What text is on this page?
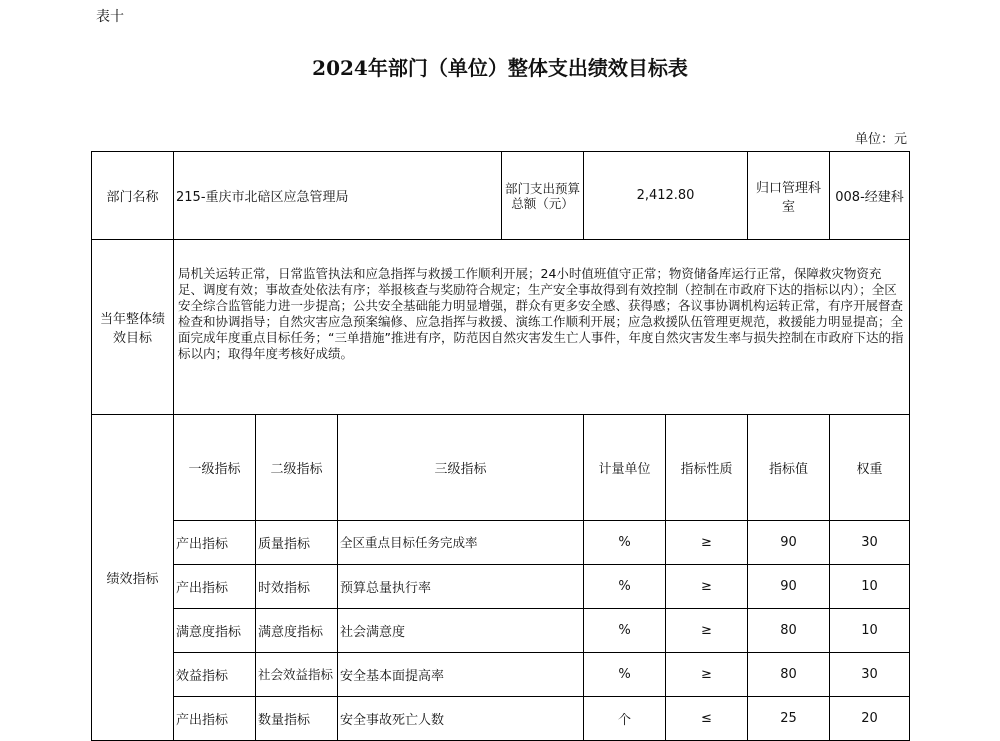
表十
2024年部门（单位）整体支出绩效目标表
单位：元
部门名称	215-重庆市北碚区应急管理局			部门支出预算总额（元）	2,412.80		归口管理科室	008-经建科	
当年整体绩效目标	局机关运转正常，日常监管执法和应急指挥与救援工作顺利开展；24小时值班值守正常；物资储备库运行正常，保障救灾物资充足、调度有效；事故查处依法有序；举报核查与奖励符合规定；生产安全事故得到有效控制（控制在市政府下达的指标以内）；全区安全综合监管能力进一步提高；公共安全基础能力明显增强，群众有更多安全感、获得感；各议事协调机构运转正常，有序开展督查检查和协调指导；自然灾害应急预案编修、应急指挥与救援、演练工作顺利开展；应急救援队伍管理更规范，救援能力明显提高；全面完成年度重点目标任务；“三单措施”推进有序，防范因自然灾害发生亡人事件，年度自然灾害发生率与损失控制在市政府下达的指标以内；取得年度考核好成绩。								

绩效指标	一级指标	二级指标	三级指标		计量单位	指标性质	指标值	权重	
	产出指标	质量指标	全区重点目标任务完成率		%	≥	90	30	
	产出指标	时效指标	预算总量执行率		%	≥	90	10	
	满意度指标	满意度指标	社会满意度		%	≥	80	10	
	效益指标	社会效益指标	安全基本面提高率		%	≥	80	30	
	产出指标	数量指标	安全事故死亡人数		个	≤	25	20	
